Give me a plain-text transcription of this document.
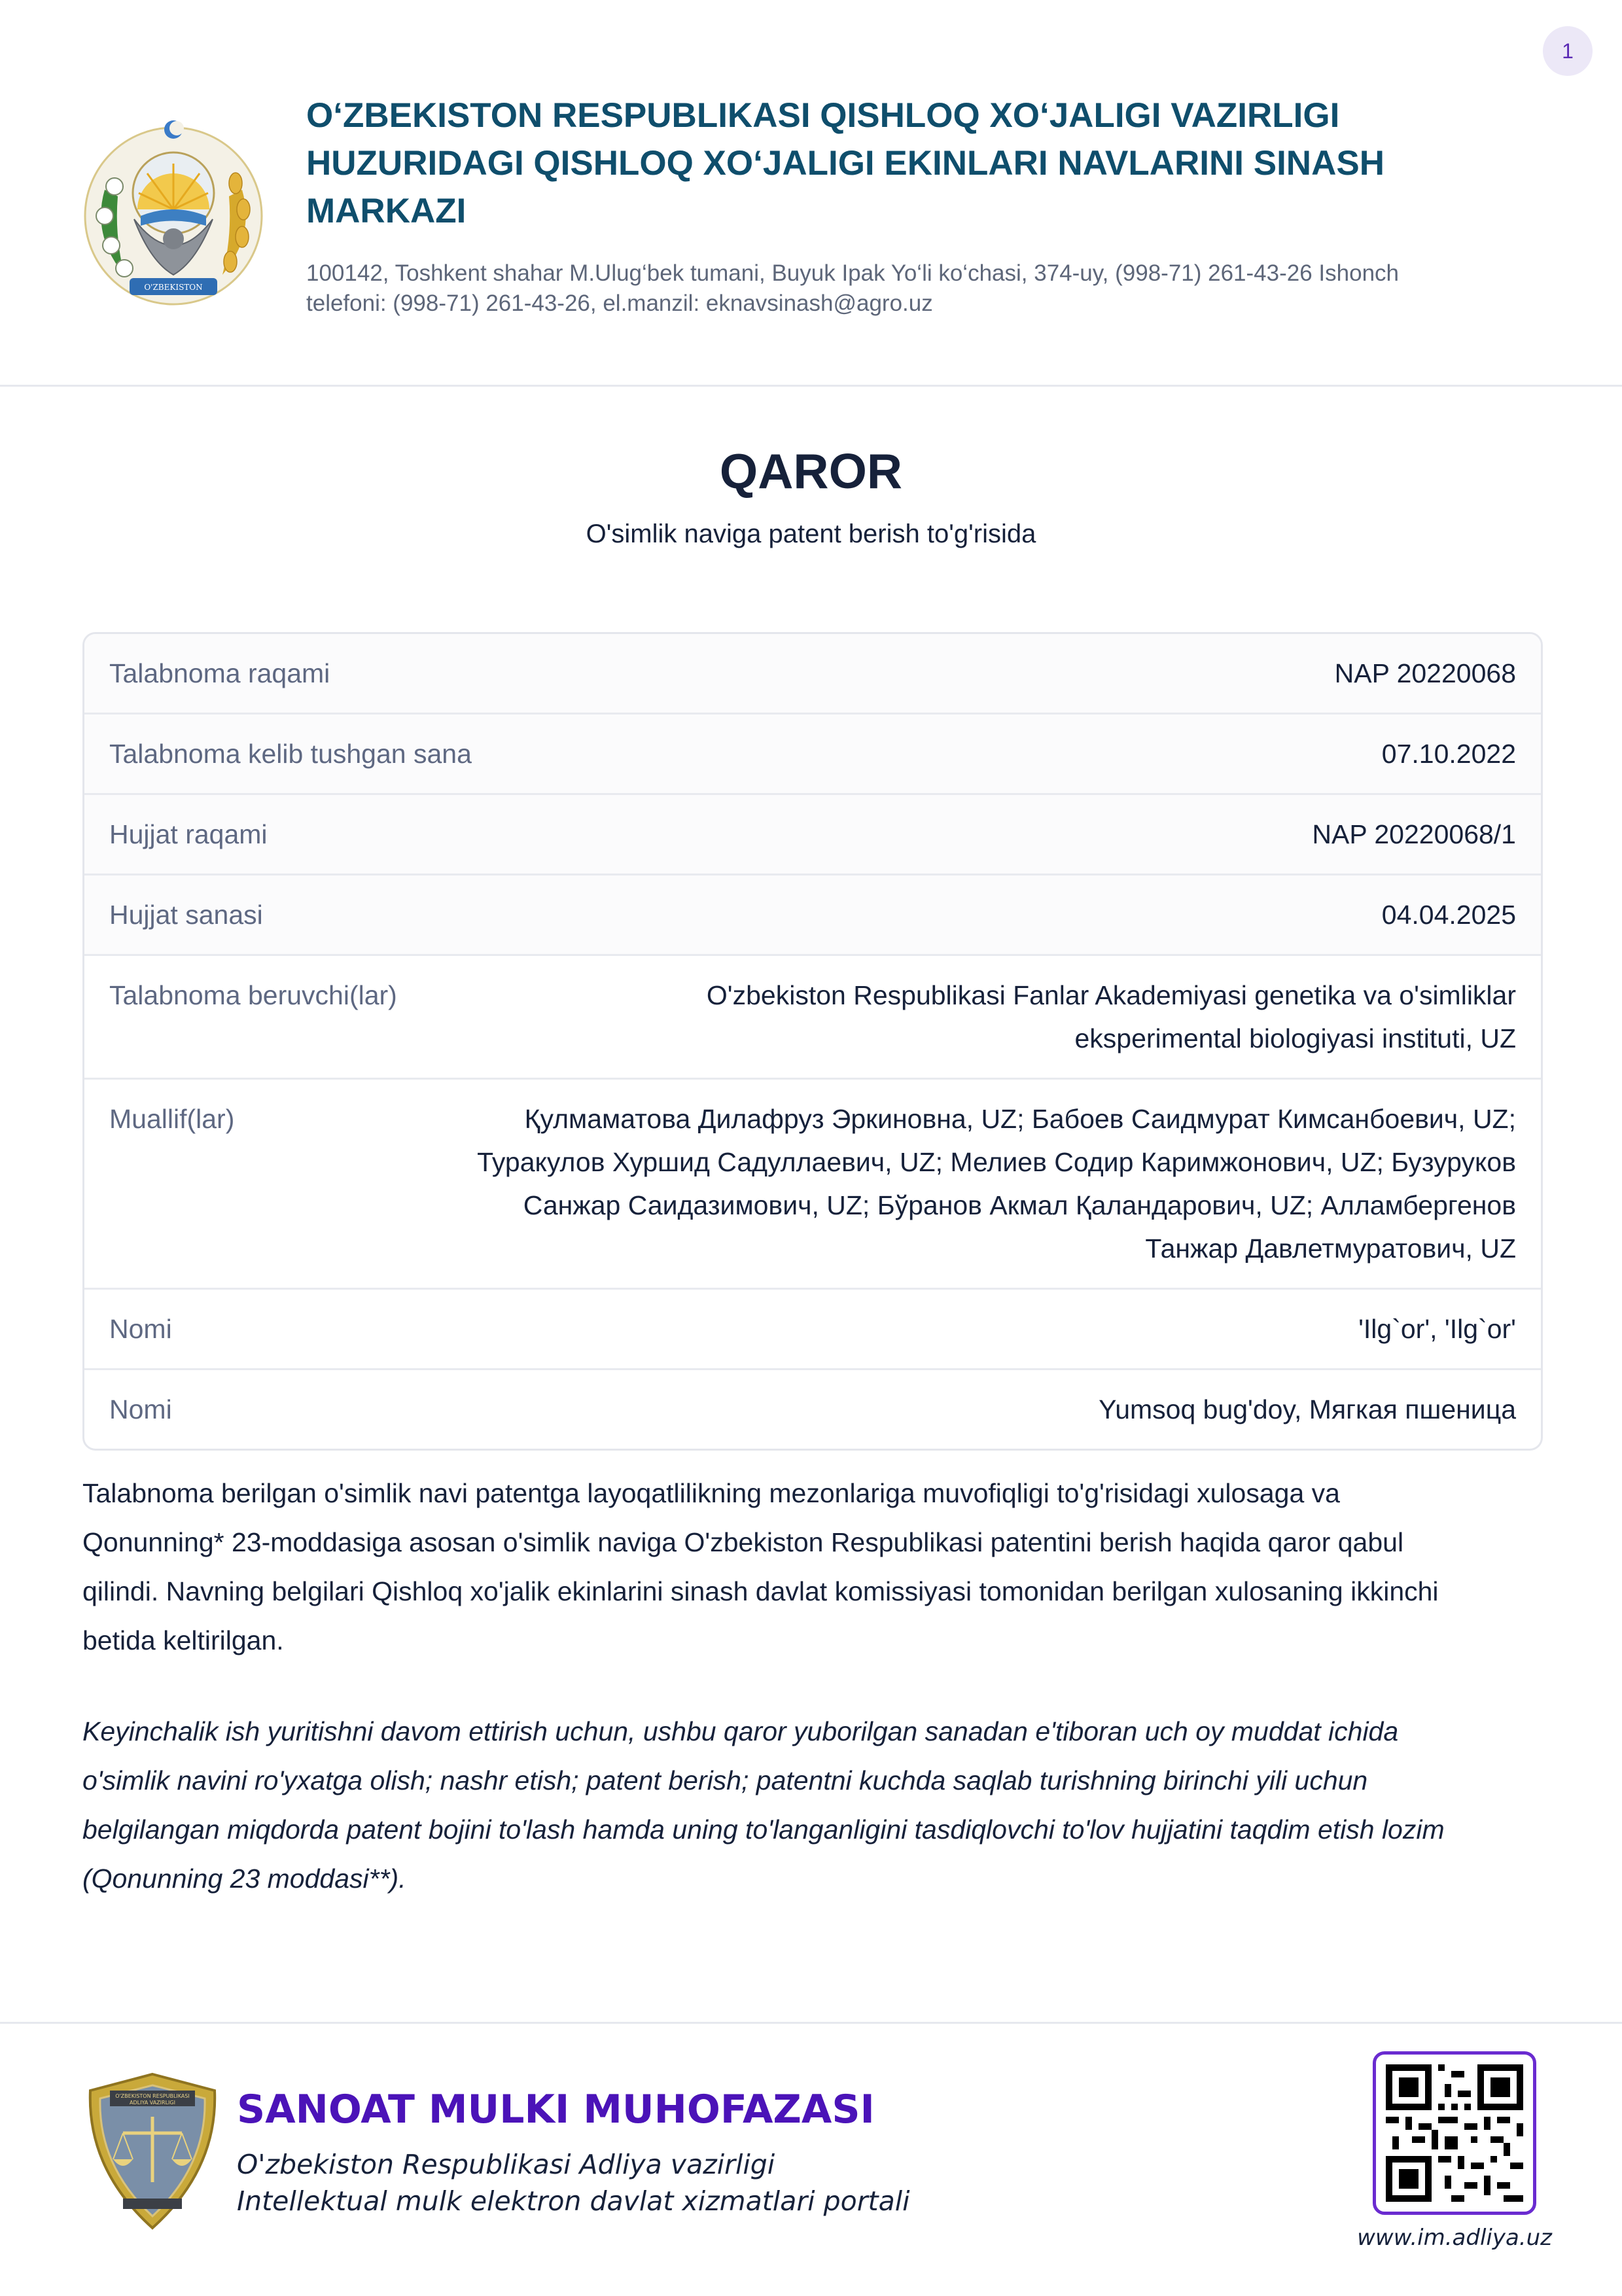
1
O'ZBEKISTON
O‘ZBEKISTON RESPUBLIKASI QISHLOQ XO‘JALIGI VAZIRLIGI
HUZURIDAGI QISHLOQ XO‘JALIGI EKINLARI NAVLARINI SINASH
MARKAZI

100142, Toshkent shahar M.Ulug‘bek tumani, Buyuk Ipak Yo‘li ko‘chasi, 374-uy, (998-71) 261-43-26 Ishonch
telefoni: (998-71) 261-43-26, el.manzil: eknavsinash@agro.uz

QAROR

O'simlik naviga patent berish to'g'risida

Talabnoma raqami	NAP 20220068
Talabnoma kelib tushgan sana	07.10.2022
Hujjat raqami	NAP 20220068/1
Hujjat sanasi	04.04.2025
Talabnoma beruvchi(lar)	O'zbekiston Respublikasi Fanlar Akademiyasi genetika va o'simliklar
eksperimental biologiyasi instituti, UZ
Muallif(lar)	Қулмаматова Дилафруз Эркиновна, UZ; Бабоев Саидмурат Кимсанбоевич, UZ;
Туракулов Хуршид Садуллаевич, UZ; Мелиев Содир Каримжонович, UZ; Бузуруков
Санжар Саидазимович, UZ; Бўранов Акмал Қаландарович, UZ; Алламбергенов
Танжар Давлетмуратович, UZ
Nomi	'Ilg`or', 'Ilg`or'
Nomi	Yumsoq bug'doy, Мягкая пшеница

Talabnoma berilgan o'simlik navi patentga layoqatlilikning mezonlariga muvofiqligi to'g'risidagi xulosaga va
Qonunning* 23-moddasiga asosan o'simlik naviga O'zbekiston Respublikasi patentini berish haqida qaror qabul
qilindi. Navning belgilari Qishloq xo'jalik ekinlarini sinash davlat komissiyasi tomonidan berilgan xulosaning ikkinchi
betida keltirilgan.

Keyinchalik ish yuritishni davom ettirish uchun, ushbu qaror yuborilgan sanadan e'tiboran uch oy muddat ichida
o'simlik navini ro'yxatga olish; nashr etish; patent berish; patentni kuchda saqlab turishning birinchi yili uchun
belgilangan miqdorda patent bojini to'lash hamda uning to'langanligini tasdiqlovchi to'lov hujjatini taqdim etish lozim
(Qonunning 23 moddasi**).

O'ZBEKISTON RESPUBLIKASI
ADLIYA VAZIRLIGI SANOAT MULKI MUHOFAZASI

O'zbekiston Respublikasi Adliya vazirligi
Intellektual mulk elektron davlat xizmatlari portali

www.im.adliya.uz
